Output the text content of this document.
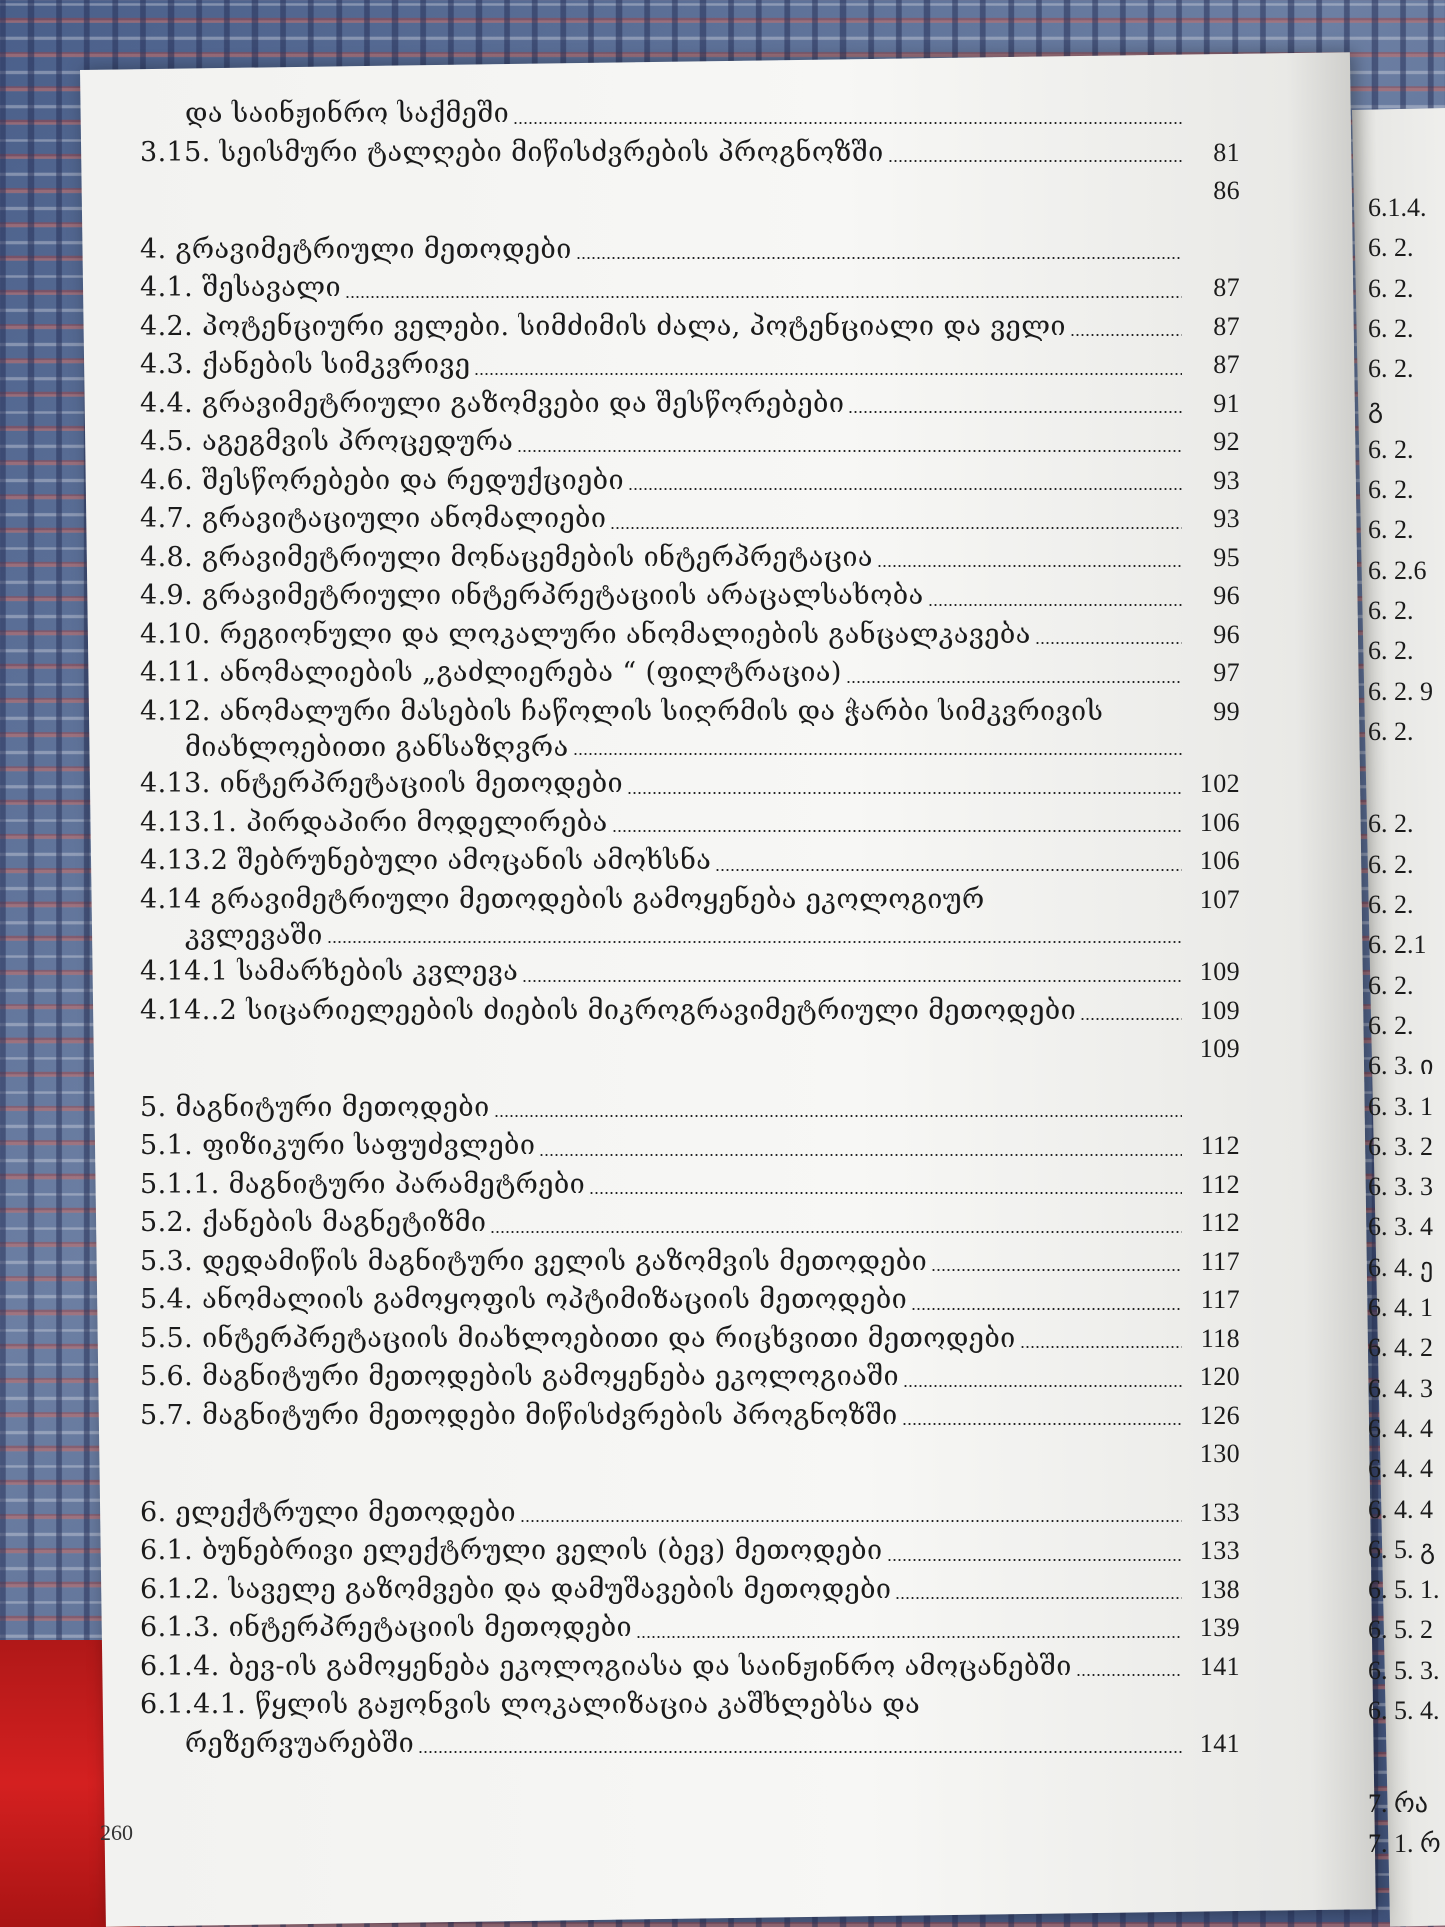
და საინჟინრო საქმეში
3.15. სეისმური ტალღები მიწისძვრების პროგნოზში	81
86
4. გრავიმეტრიული მეთოდები
4.1. შესავალი	87
4.2. პოტენციური ველები. სიმძიმის ძალა, პოტენციალი და ველი	87
4.3. ქანების სიმკვრივე	87
4.4. გრავიმეტრიული გაზომვები და შესწორებები	91
4.5. აგეგმვის პროცედურა	92
4.6. შესწორებები და რედუქციები	93
4.7. გრავიტაციული ანომალიები	93
4.8. გრავიმეტრიული მონაცემების ინტერპრეტაცია	95
4.9. გრავიმეტრიული ინტერპრეტაციის არაცალსახობა	96
4.10. რეგიონული და ლოკალური ანომალიების განცალკავება	96
4.11. ანომალიების „გაძლიერება “ (ფილტრაცია)	97
4.12. ანომალური მასების ჩაწოლის სიღრმის და ჭარბი სიმკვრივის	99
მიახლოებითი განსაზღვრა
4.13. ინტერპრეტაციის მეთოდები	102
4.13.1. პირდაპირი მოდელირება	106
4.13.2 შებრუნებული ამოცანის ამოხსნა	106
4.14 გრავიმეტრიული მეთოდების გამოყენება ეკოლოგიურ	107
კვლევაში
4.14.1 სამარხების კვლევა	109
4.14..2 სიცარიელეების ძიების მიკროგრავიმეტრიული მეთოდები	109
109
5. მაგნიტური მეთოდები
5.1. ფიზიკური საფუძვლები	112
5.1.1. მაგნიტური პარამეტრები	112
5.2. ქანების მაგნეტიზმი	112
5.3. დედამიწის მაგნიტური ველის გაზომვის მეთოდები	117
5.4. ანომალიის გამოყოფის ოპტიმიზაციის მეთოდები	117
5.5. ინტერპრეტაციის მიახლოებითი და რიცხვითი მეთოდები	118
5.6. მაგნიტური მეთოდების გამოყენება ეკოლოგიაში	120
5.7. მაგნიტური მეთოდები მიწისძვრების პროგნოზში	126
130
6. ელექტრული მეთოდები	133
6.1. ბუნებრივი ელექტრული ველის (ბევ) მეთოდები	133
6.1.2. საველე გაზომვები და დამუშავების მეთოდები	138
6.1.3. ინტერპრეტაციის მეთოდები	139
6.1.4. ბევ-ის გამოყენება ეკოლოგიასა და საინჟინრო ამოცანებში	141
6.1.4.1. წყლის გაჟონვის ლოკალიზაცია კაშხლებსა და
რეზერვუარებში	141
6.1.4.
6. 2.
6. 2.
6. 2.
6. 2.
გ
6. 2.
6. 2.
6. 2.
6. 2.6
6. 2.
6. 2.
6. 2. 9
6. 2.
6. 2.
6. 2.
6. 2.
6. 2.1
6. 2.
6. 2.
6. 3. ი
6. 3. 1
6. 3. 2
6. 3. 3
6. 3. 4
6. 4. ე
6. 4. 1
6. 4. 2
6. 4. 3
6. 4. 4
6. 4. 4
6. 4. 4
6. 5. გ
6. 5. 1.
6. 5. 2
6. 5. 3.
6. 5. 4.
7. რა
7. 1. რ
260
